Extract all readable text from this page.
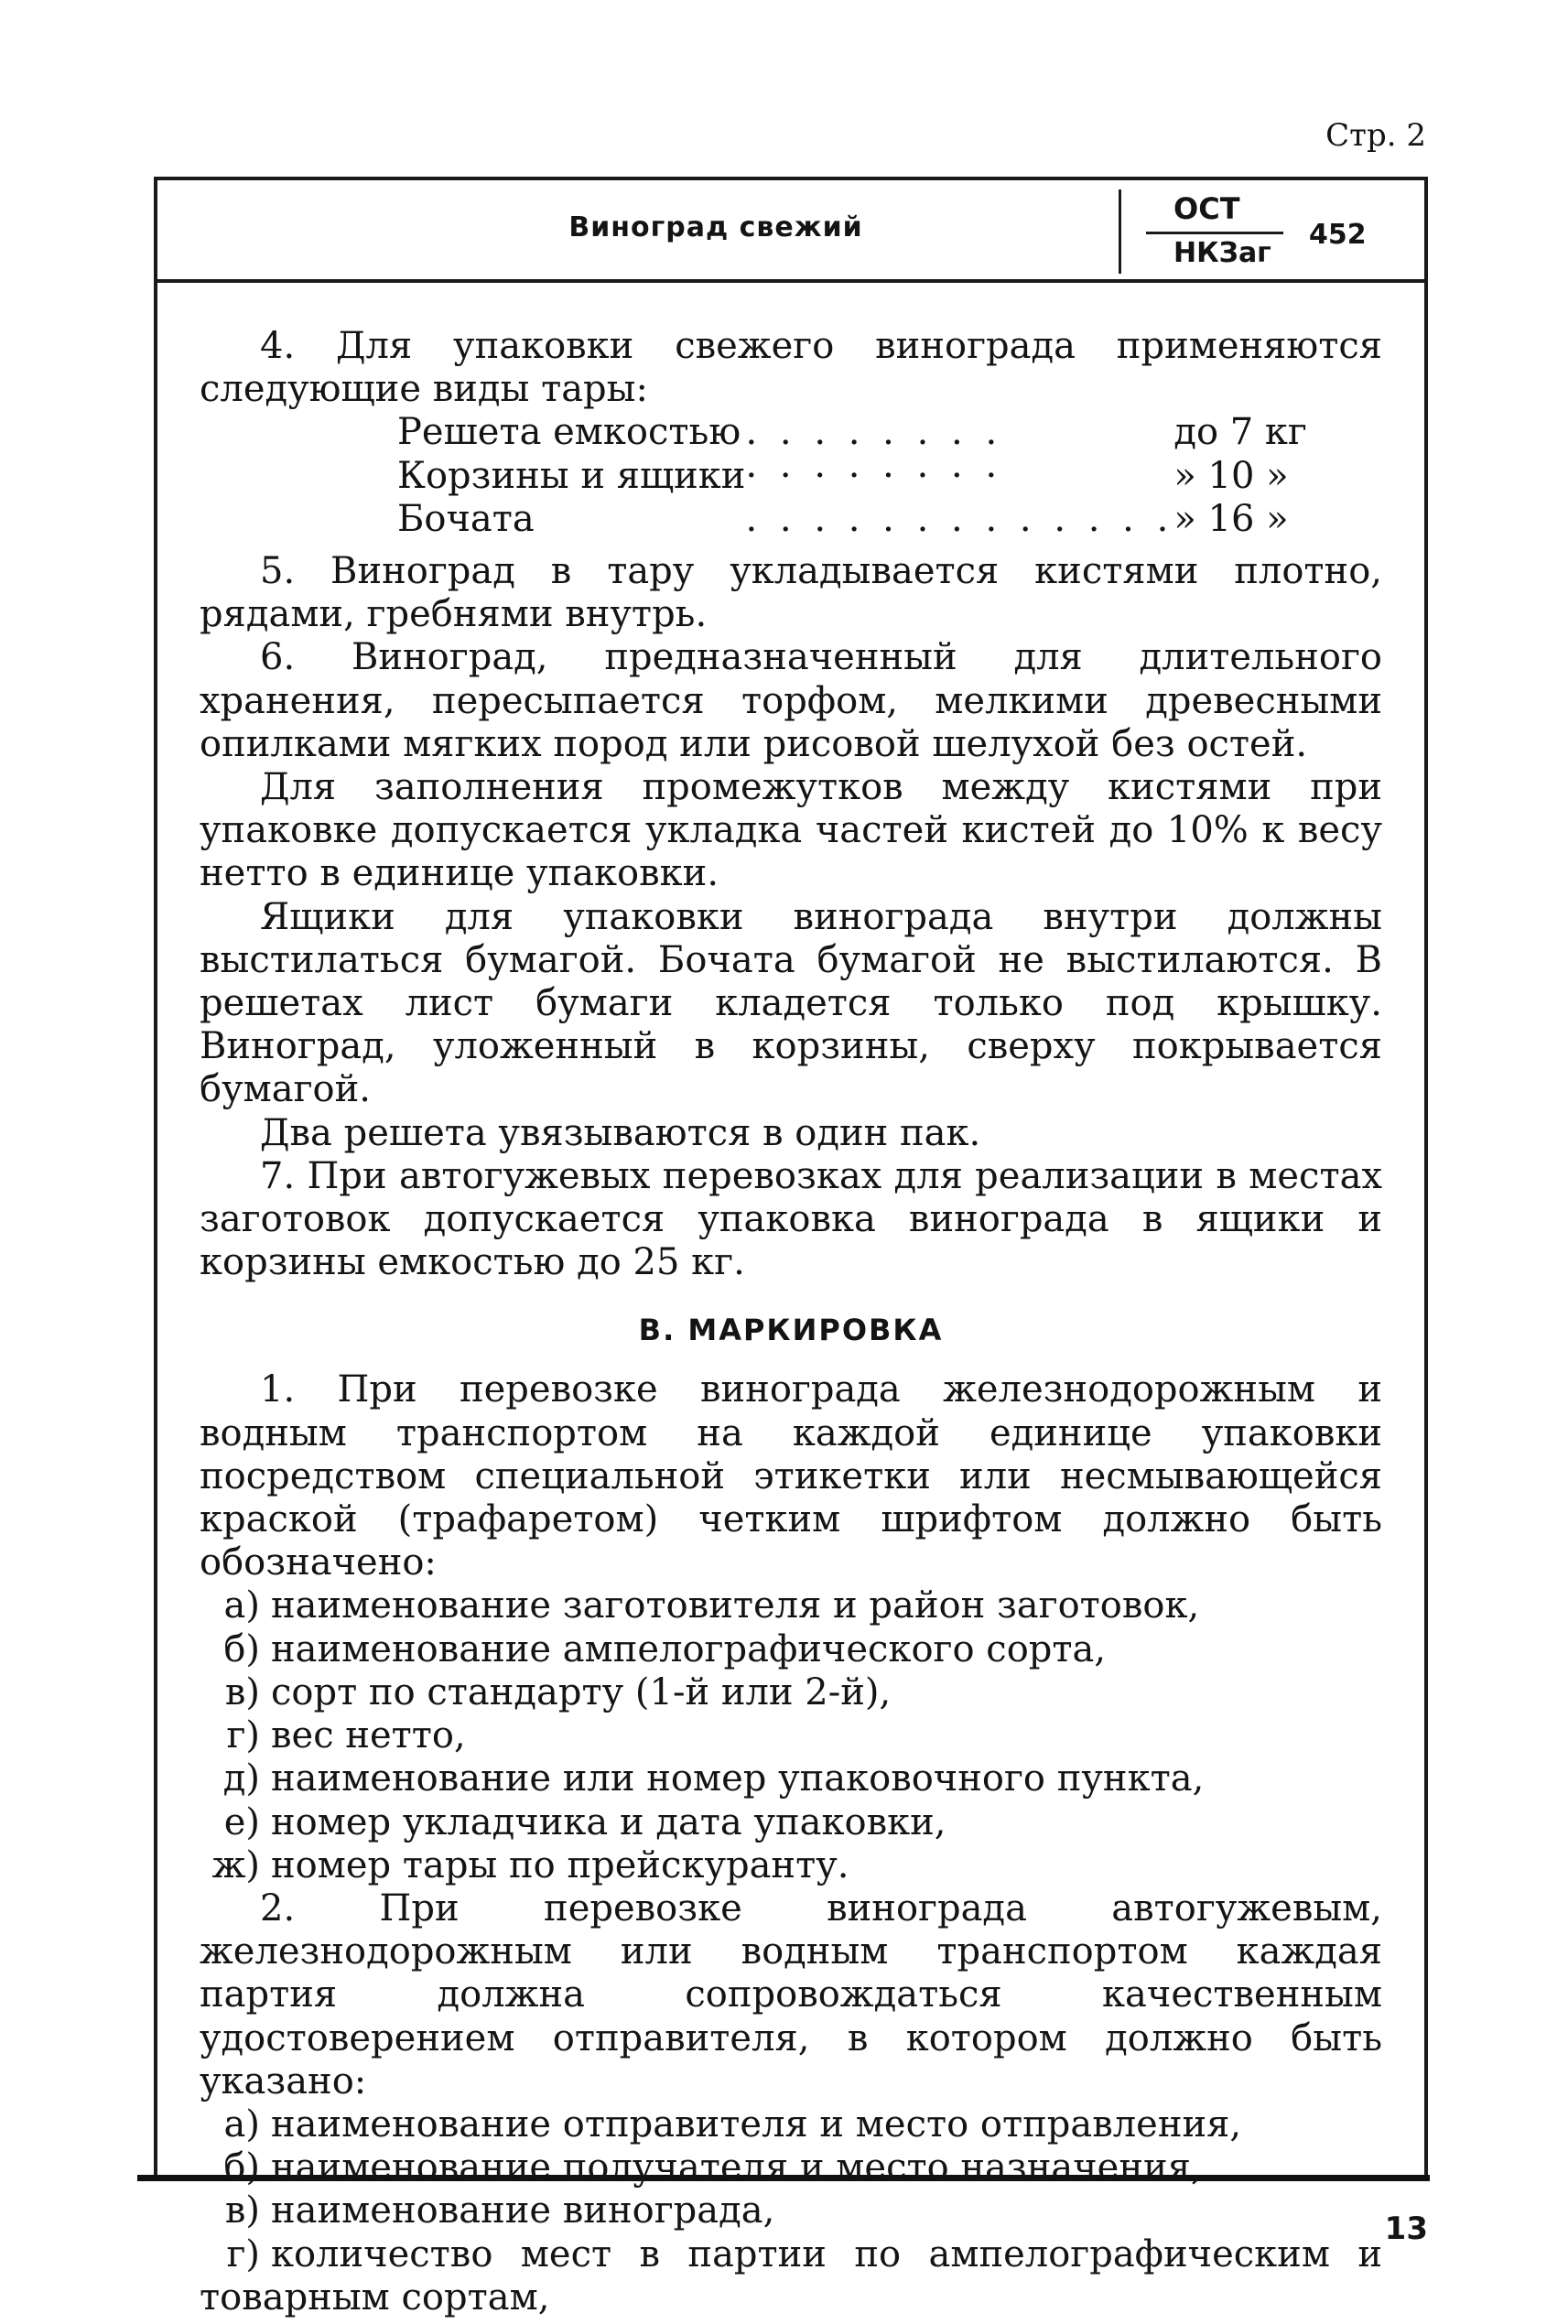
Стр. 2
Виноград свежий
ОСТ
НКЗаг
452

4. Для упаковки свежего винограда применяются следующие виды тары:

Решета емкостью	. . . . . . . .	до 7 кг
Корзины и ящики	· · · · · · · ·	» 10 »
Бочата	. . . . . . . . . . . . .	» 16 »

5. Виноград в тару укладывается кистями плотно, рядами, гребнями внутрь.

6. Виноград, предназначенный для длительного хранения, пересыпается торфом, мелкими древесными опилками мягких пород или рисовой шелухой без остей.

Для заполнения промежутков между кистями при упаковке допускается укладка частей кистей до 10% к весу нетто в единице упаковки.

Ящики для упаковки винограда внутри должны выстилаться бумагой. Бочата бумагой не выстилаются. В решетах лист бумаги кладется только под крышку. Виноград, уложенный в корзины, сверху покрывается бумагой.

Два решета увязываются в один пак.

7. При автогужевых перевозках для реализации в местах заготовок допускается упаковка винограда в ящики и корзины емкостью до 25 кг.

В. МАРКИРОВКА

1. При перевозке винограда железнодорожным и водным транспортом на каждой единице упаковки посредством специальной этикетки или несмывающейся краской (трафаретом) четким шрифтом должно быть обозначено:

а) наименование заготовителя и район заготовок,

б) наименование ампелографического сорта,

в) сорт по стандарту (1-й или 2-й),

г) вес нетто,

д) наименование или номер упаковочного пункта,

е) номер укладчика и дата упаковки,

ж) номер тары по прейскуранту.

2. При перевозке винограда автогужевым, железнодорожным или водным транспортом каждая партия должна сопровождаться качественным удостоверением отправителя, в котором должно быть указано:

а) наименование отправителя и место отправления,

б) наименование получателя и место назначения,

в) наименование винограда,

г) количество мест в партии по ампелографическим и товарным сортам,

13
